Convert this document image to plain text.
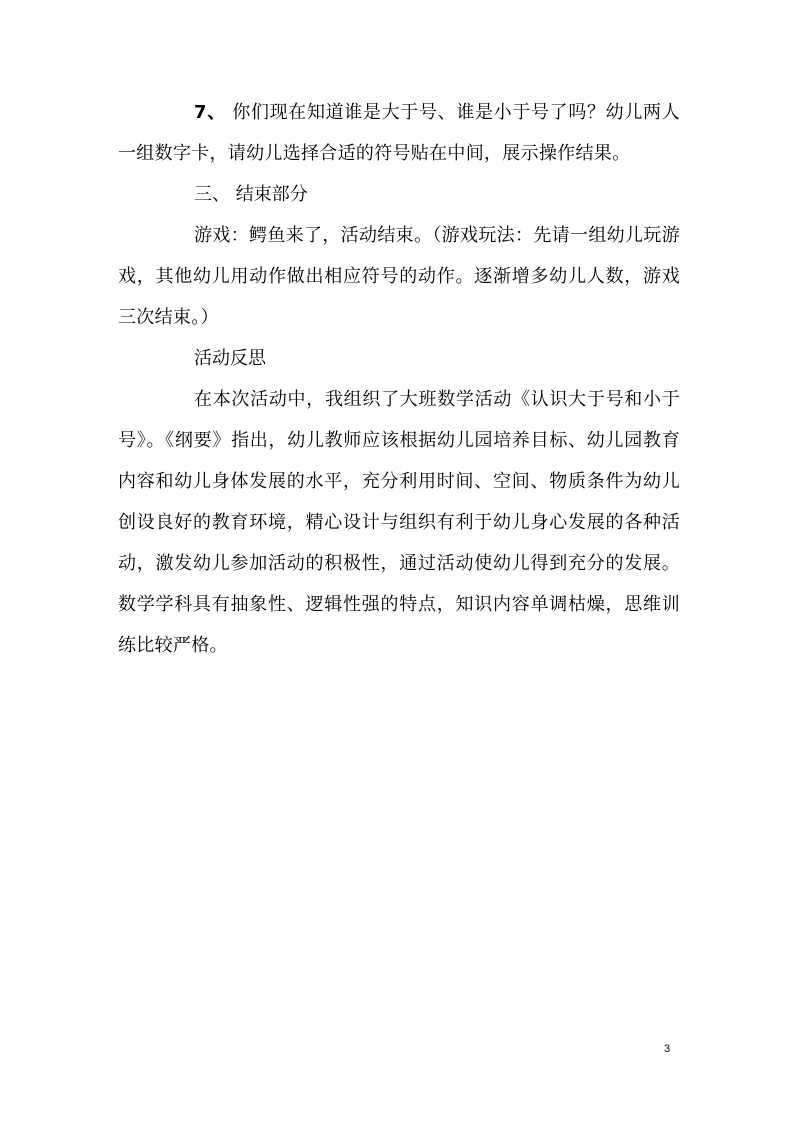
7、 你们现在知道谁是大于号、谁是小于号了吗？幼儿两人一组数字卡，请幼儿选择合适的符号贴在中间，展示操作结果。

三、 结束部分

游戏：鳄鱼来了，活动结束。（游戏玩法：先请一组幼儿玩游戏，其他幼儿用动作做出相应符号的动作。逐渐增多幼儿人数，游戏三次结束。）

活动反思

在本次活动中，我组织了大班数学活动《认识大于号和小于号》。《纲要》指出，幼儿教师应该根据幼儿园培养目标、幼儿园教育内容和幼儿身体发展的水平，充分利用时间、空间、物质条件为幼儿创设良好的教育环境，精心设计与组织有利于幼儿身心发展的各种活动，激发幼儿参加活动的积极性，通过活动使幼儿得到充分的发展。数学学科具有抽象性、逻辑性强的特点，知识内容单调枯燥，思维训练比较严格。

3
